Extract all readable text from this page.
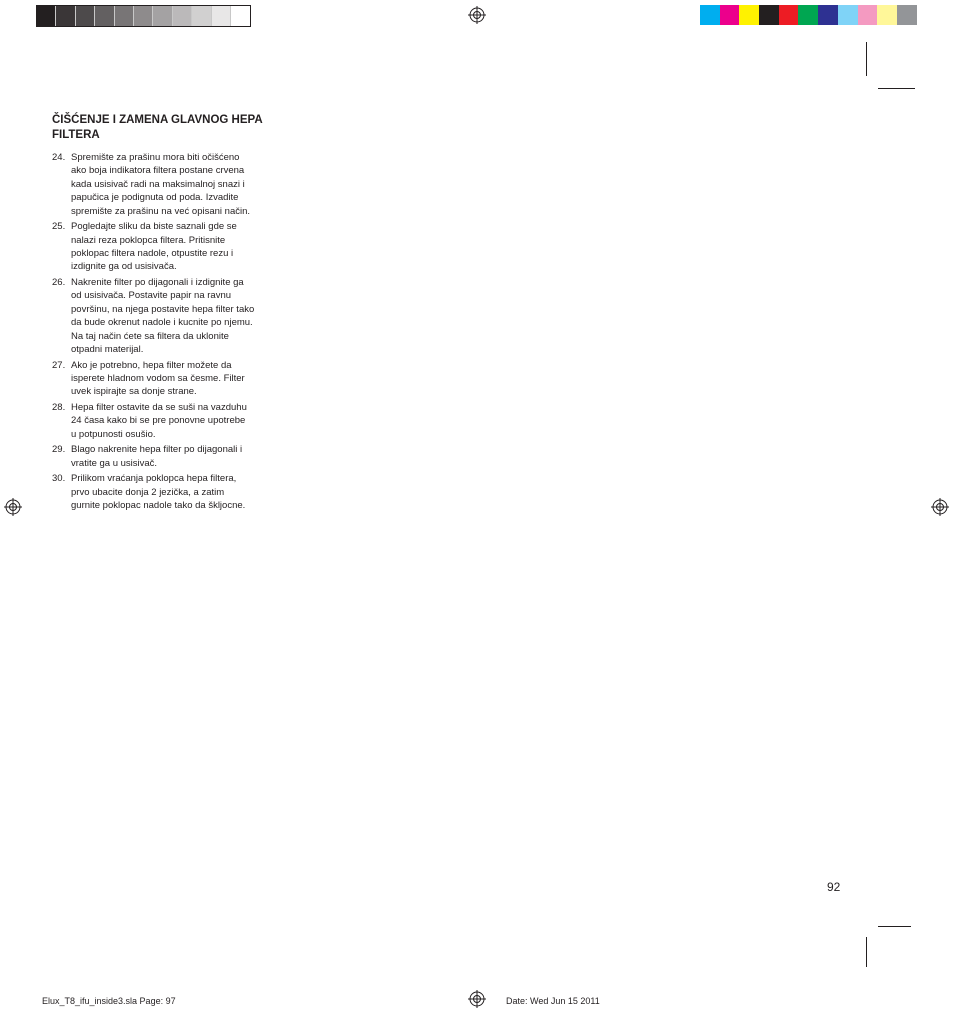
ČIŠĆENJE I ZAMENA GLAVNOG HEPA
FILTERA
24. Spremište za prašinu mora biti očišćeno
ako boja indikatora filtera postane crvena
kada usisivač radi na maksimalnoj snazi i
papučica je podignuta od poda. Izvadite
spremište za prašinu na već opisani način.
25. Pogledajte sliku da biste saznali gde se
nalazi reza poklopca filtera. Pritisnite
poklopac filtera nadole, otpustite rezu i
izdignite ga od usisivača.
26. Nakrenite filter po dijagonali i izdignite ga
od usisivača. Postavite papir na ravnu
površinu, na njega postavite hepa filter tako
da bude okrenut nadole i kucnite po njemu.
Na taj način ćete sa filtera da uklonite
otpadni materijal.
27. Ako je potrebno, hepa filter možete da
isperete hladnom vodom sa česme. Filter
uvek ispirajte sa donje strane.
28. Hepa filter ostavite da se suši na vazduhu
24 časa kako bi se pre ponovne upotrebe
u potpunosti osušio.
29. Blago nakrenite hepa filter po dijagonali i
vratite ga u usisivač.
30. Prilikom vraćanja poklopca hepa filtera,
prvo ubacite donja 2 jezička, a zatim
gurnite poklopac nadole tako da škljocne.
92
Elux_T8_ifu_inside3.sla Page: 97	Date: Wed Jun 15 2011
